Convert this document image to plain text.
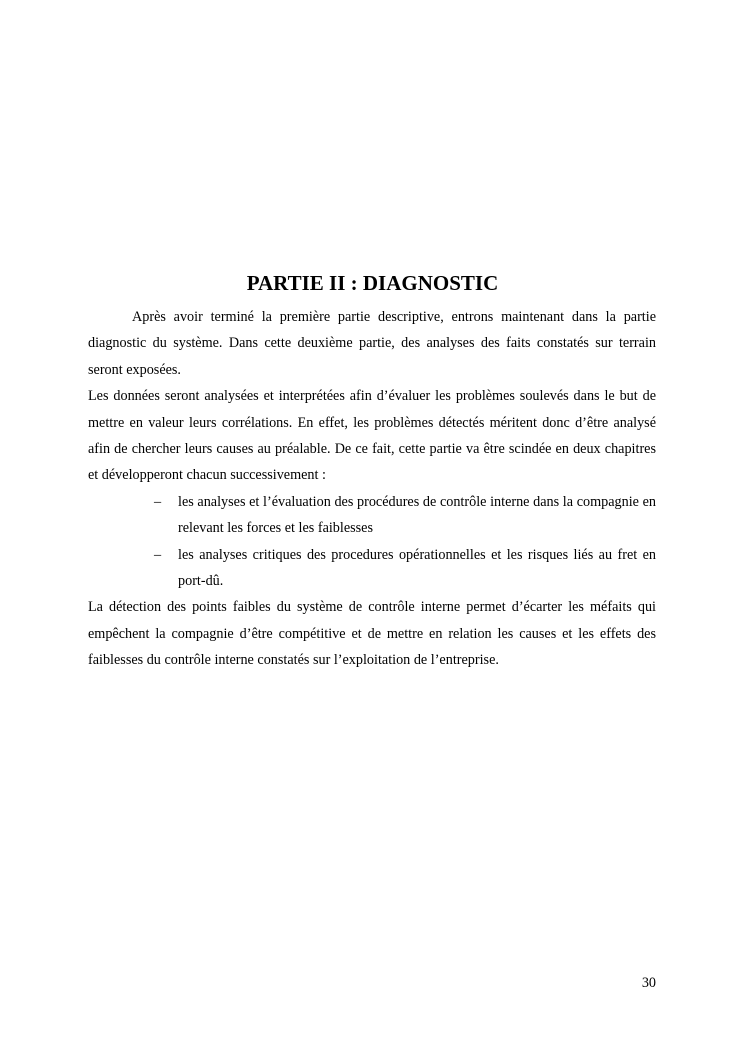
PARTIE II : DIAGNOSTIC

Après avoir terminé la première partie descriptive, entrons maintenant dans la partie diagnostic du système. Dans cette deuxième partie, des analyses des faits constatés sur terrain seront exposées.

Les données seront analysées et interprétées afin d’évaluer les problèmes soulevés dans le but de mettre en valeur leurs corrélations. En effet, les problèmes détectés méritent donc d’être analysé afin de chercher leurs causes au préalable. De ce fait, cette partie va être scindée en deux chapitres et développeront chacun successivement :

– les analyses et l’évaluation des procédures de contrôle interne dans la compagnie en relevant les forces et les faiblesses
– les analyses critiques des procedures opérationnelles et les risques liés au fret en port-dû.

La détection des points faibles du système de contrôle interne permet d’écarter les méfaits qui empêchent la compagnie d’être compétitive et de mettre en relation les causes et les effets des faiblesses du contrôle interne constatés sur l’exploitation de l’entreprise.

30
